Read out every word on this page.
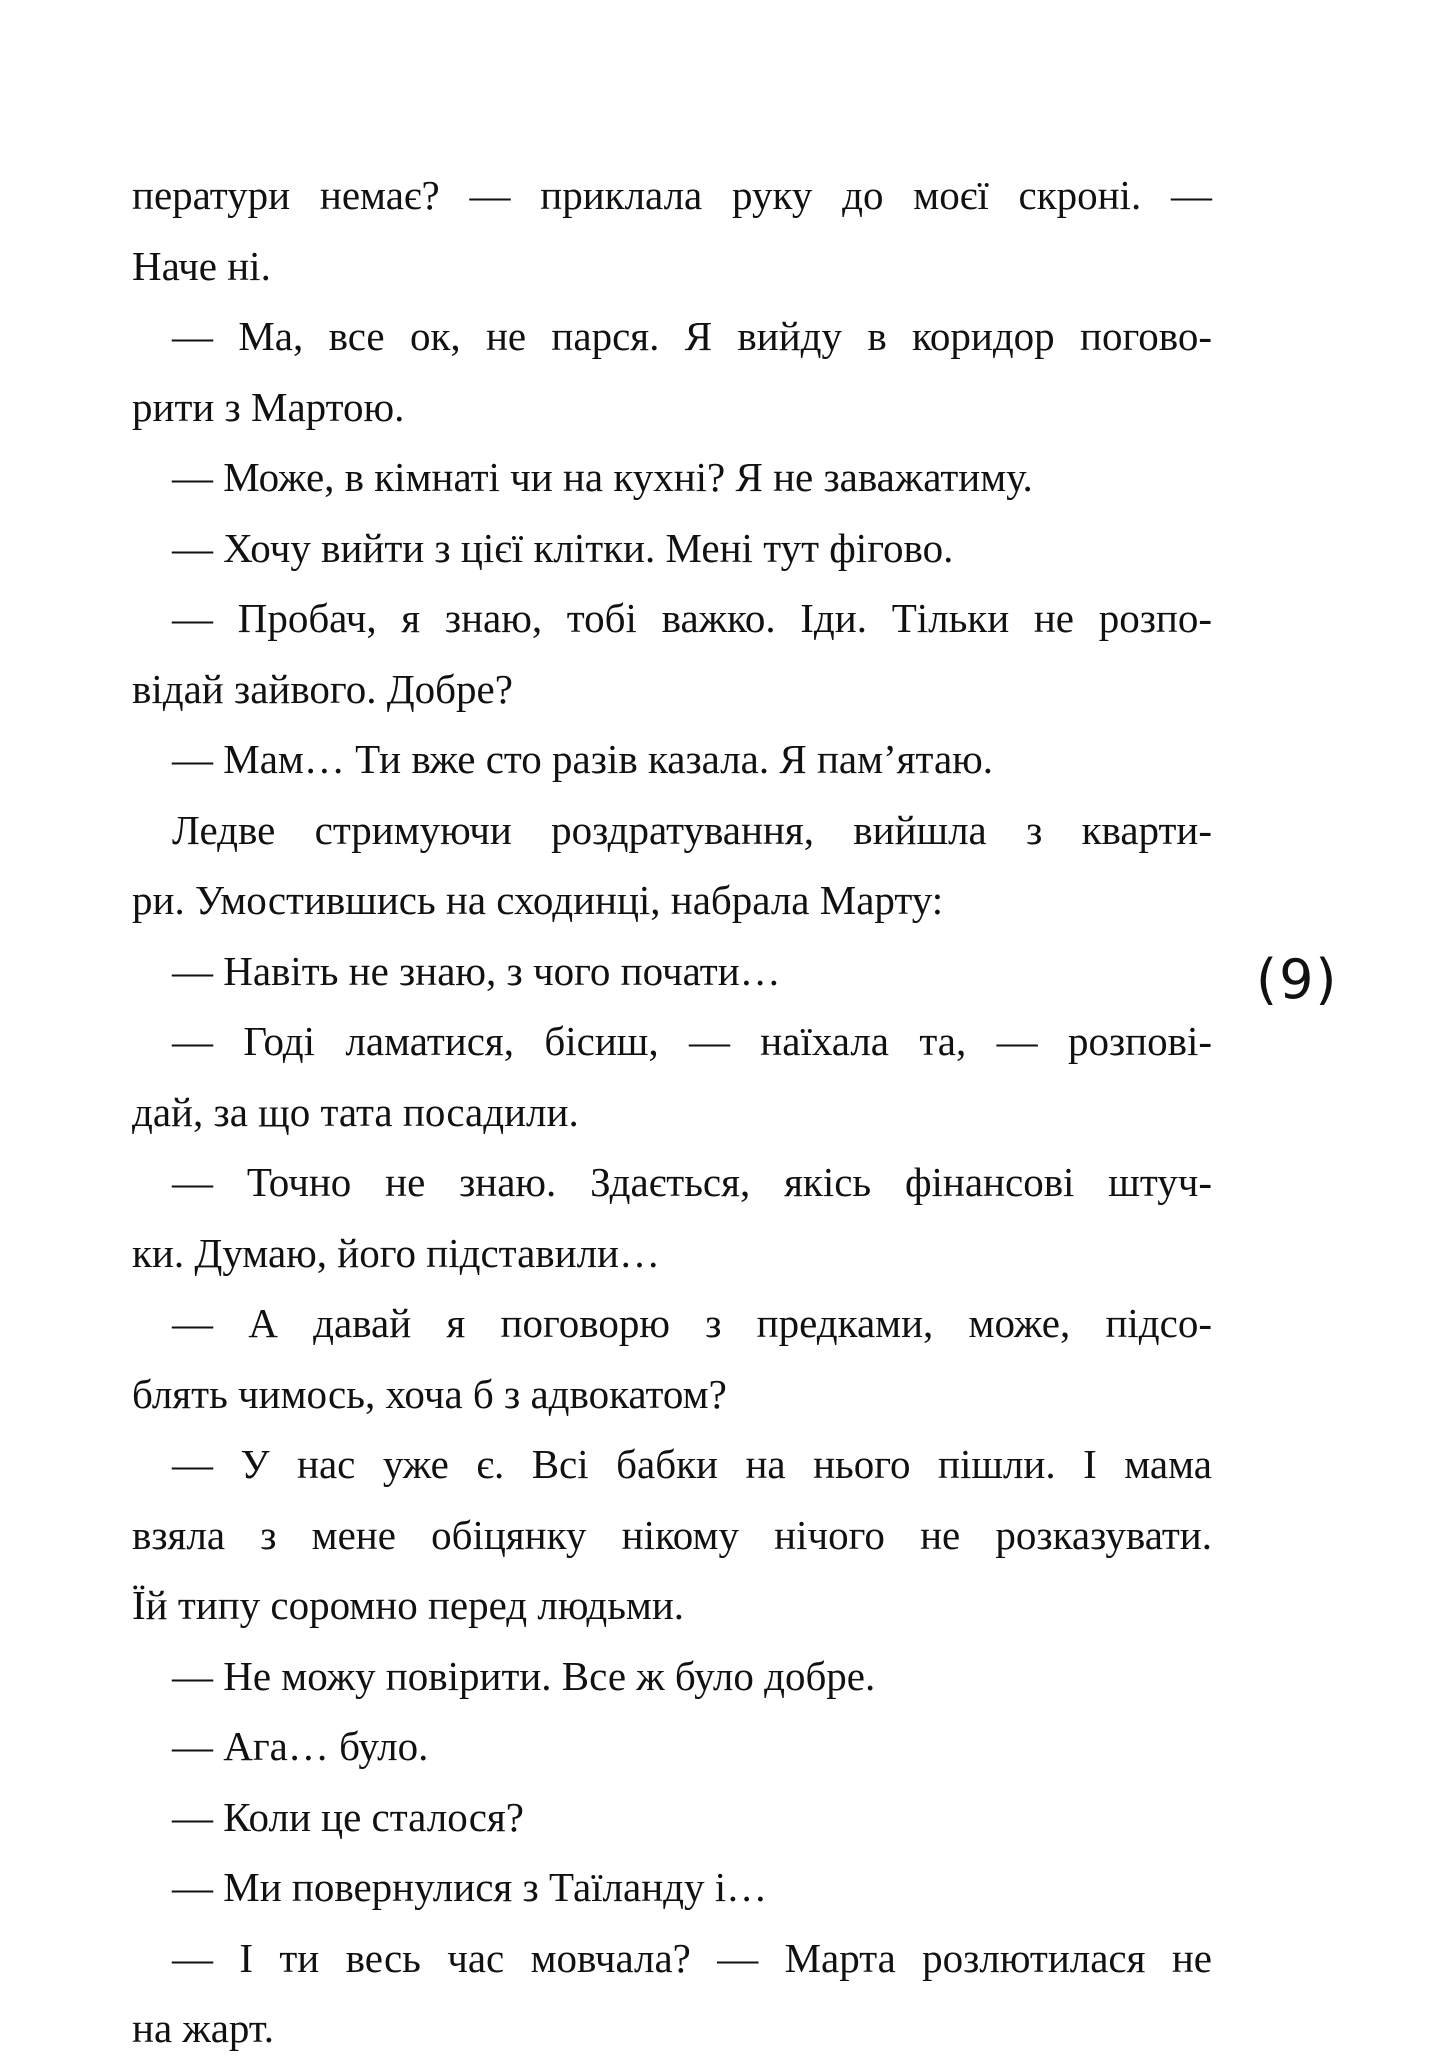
ператури немає? — приклала руку до моєї скроні. —
Наче ні.
— Ма, все ок, не парся. Я вийду в коридор погово-
рити з Мартою.
— Може, в кімнаті чи на кухні? Я не заважатиму.
— Хочу вийти з цієї клітки. Мені тут фігово.
— Пробач, я знаю, тобі важко. Іди. Тільки не розпо-
відай зайвого. Добре?
— Мам… Ти вже сто разів казала. Я пам’ятаю.
Ледве стримуючи роздратування, вийшла з кварти-
ри. Умостившись на сходинці, набрала Марту:
— Навіть не знаю, з чого почати…
— Годі ламатися, бісиш, — наїхала та, — розпові-
дай, за що тата посадили.
— Точно не знаю. Здається, якісь фінансові штуч-
ки. Думаю, його підставили…
— А давай я поговорю з предками, може, підсо-
блять чимось, хоча б з адвокатом?
— У нас уже є. Всі бабки на нього пішли. І мама
взяла з мене обіцянку нікому нічого не розказувати.
Їй типу соромно перед людьми.
— Не можу повірити. Все ж було добре.
— Ага… було.
— Коли це сталося?
— Ми повернулися з Таїланду і…
— І ти весь час мовчала? — Марта розлютилася не
на жарт.
(9)
